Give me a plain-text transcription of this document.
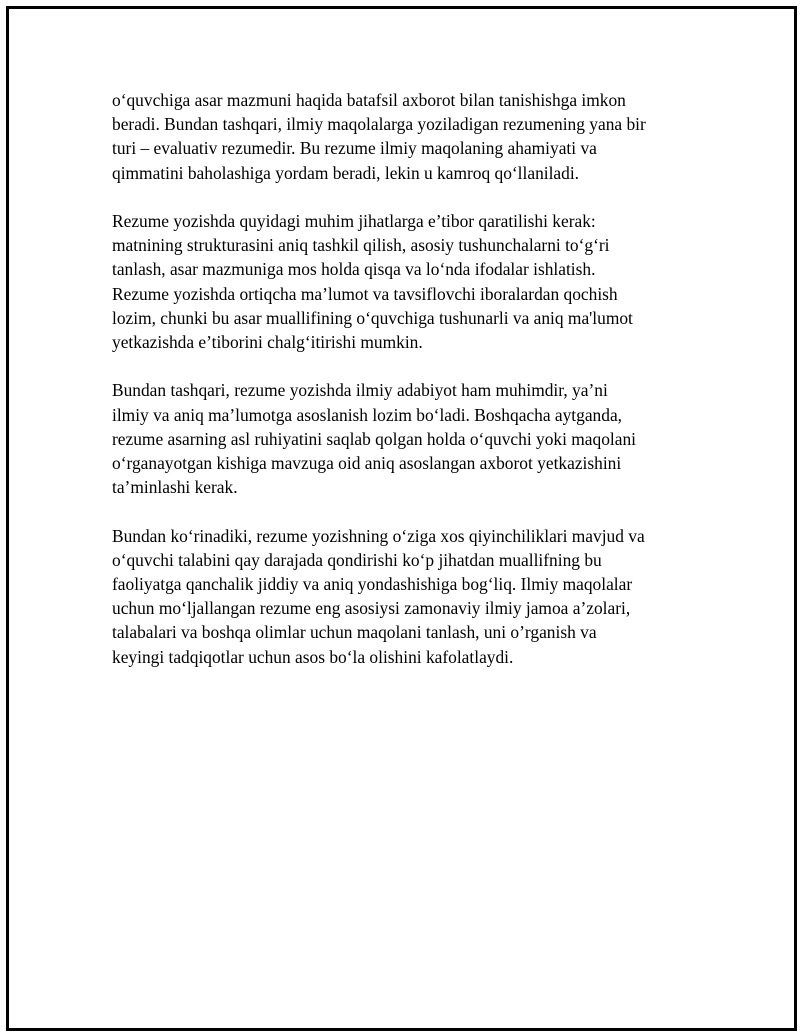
o‘quvchiga asar mazmuni haqida batafsil axborot bilan tanishishga imkon
beradi. Bundan tashqari, ilmiy maqolalarga yoziladigan rezumening yana bir
turi – evaluativ rezumedir. Bu rezume ilmiy maqolaning ahamiyati va
qimmatini baholashiga yordam beradi, lekin u kamroq qo‘llaniladi.

Rezume yozishda quyidagi muhim jihatlarga e’tibor qaratilishi kerak:
matnining strukturasini aniq tashkil qilish, asosiy tushunchalarni to‘g‘ri
tanlash, asar mazmuniga mos holda qisqa va lo‘nda ifodalar ishlatish.
Rezume yozishda ortiqcha ma’lumot va tavsiflovchi iboralardan qochish
lozim, chunki bu asar muallifining o‘quvchiga tushunarli va aniq ma'lumot
yetkazishda e’tiborini chalg‘itirishi mumkin.

Bundan tashqari, rezume yozishda ilmiy adabiyot ham muhimdir, ya’ni
ilmiy va aniq ma’lumotga asoslanish lozim bo‘ladi. Boshqacha aytganda,
rezume asarning asl ruhiyatini saqlab qolgan holda o‘quvchi yoki maqolani
o‘rganayotgan kishiga mavzuga oid aniq asoslangan axborot yetkazishini
ta’minlashi kerak.

Bundan ko‘rinadiki, rezume yozishning o‘ziga xos qiyinchiliklari mavjud va
o‘quvchi talabini qay darajada qondirishi ko‘p jihatdan muallifning bu
faoliyatga qanchalik jiddiy va aniq yondashishiga bog‘liq. Ilmiy maqolalar
uchun mo‘ljallangan rezume eng asosiysi zamonaviy ilmiy jamoa a’zolari,
talabalari va boshqa olimlar uchun maqolani tanlash, uni o’rganish va
keyingi tadqiqotlar uchun asos bo‘la olishini kafolatlaydi.
